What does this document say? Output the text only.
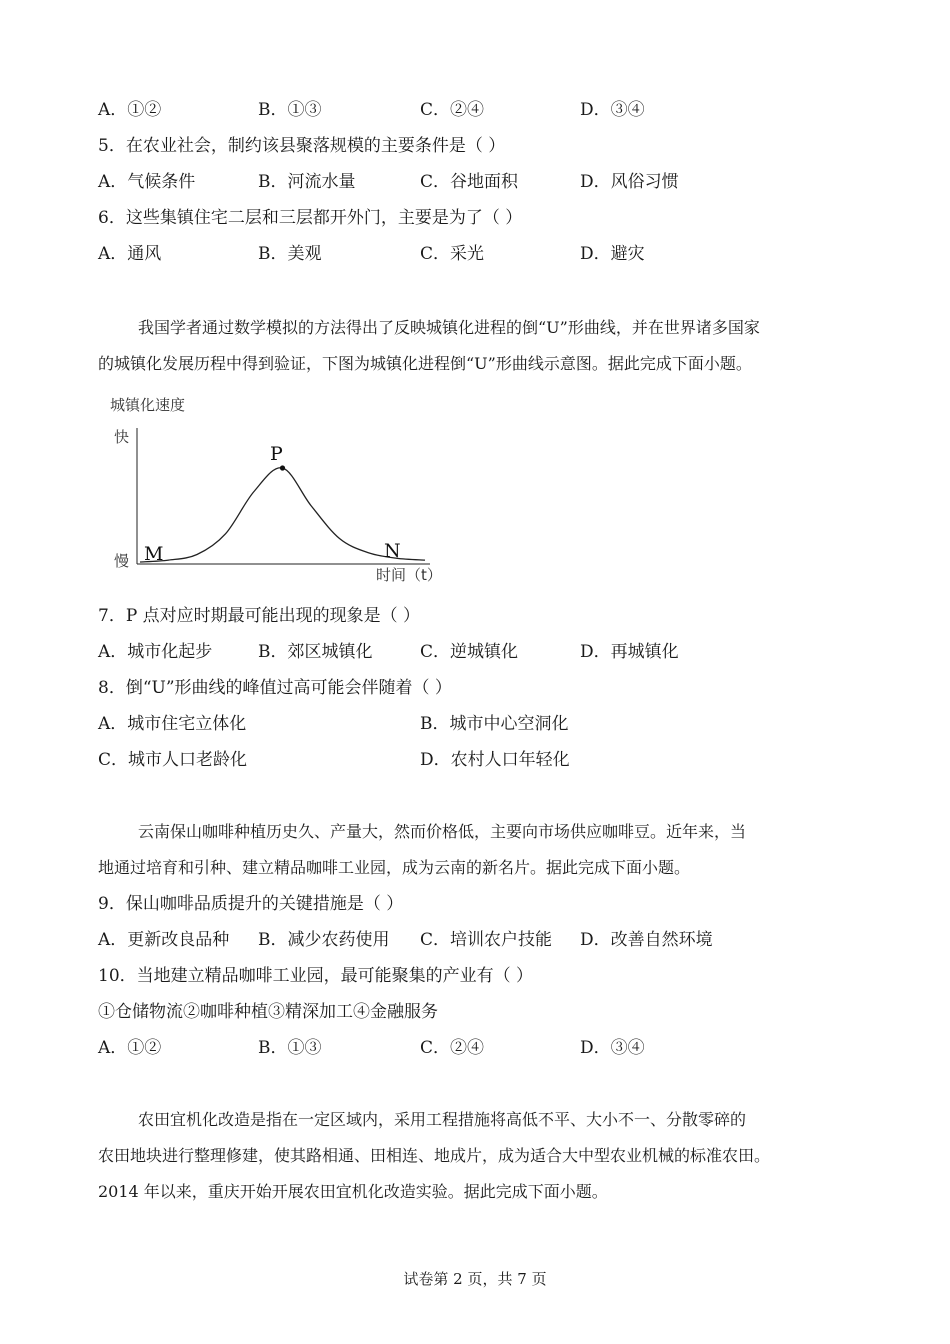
A．①②	B．①③	C．②④	D．③④
5．在农业社会，制约该县聚落规模的主要条件是（ ）
A．气候条件	B．河流水量	C．谷地面积	D．风俗习惯
6．这些集镇住宅二层和三层都开外门，主要是为了（ ）
A．通风	B．美观	C．采光	D．避灾
我国学者通过数学模拟的方法得出了反映城镇化进程的倒“U”形曲线，并在世界诸多国家
的城镇化发展历程中得到验证，下图为城镇化进程倒“U”形曲线示意图。据此完成下面小题。
城镇化速度
快
慢
P
M	N
时间（t）
7．P 点对应时期最可能出现的现象是（ ）
A．城市化起步	B．郊区城镇化	C．逆城镇化	D．再城镇化
8．倒“U”形曲线的峰值过高可能会伴随着（ ）
A．城市住宅立体化	B．城市中心空洞化
C．城市人口老龄化	D．农村人口年轻化
云南保山咖啡种植历史久、产量大，然而价格低，主要向市场供应咖啡豆。近年来，当
地通过培育和引种、建立精品咖啡工业园，成为云南的新名片。据此完成下面小题。
9．保山咖啡品质提升的关键措施是（ ）
A．更新改良品种 B．减少农药使用 C．培训农户技能 D．改善自然环境
10．当地建立精品咖啡工业园，最可能聚集的产业有（ ）
①仓储物流②咖啡种植③精深加工④金融服务
A．①②	B．①③	C．②④	D．③④
农田宜机化改造是指在一定区域内，采用工程措施将高低不平、大小不一、分散零碎的
农田地块进行整理修建，使其路相通、田相连、地成片，成为适合大中型农业机械的标准农田。
2014 年以来，重庆开始开展农田宜机化改造实验。据此完成下面小题。
试卷第 2 页，共 7 页
